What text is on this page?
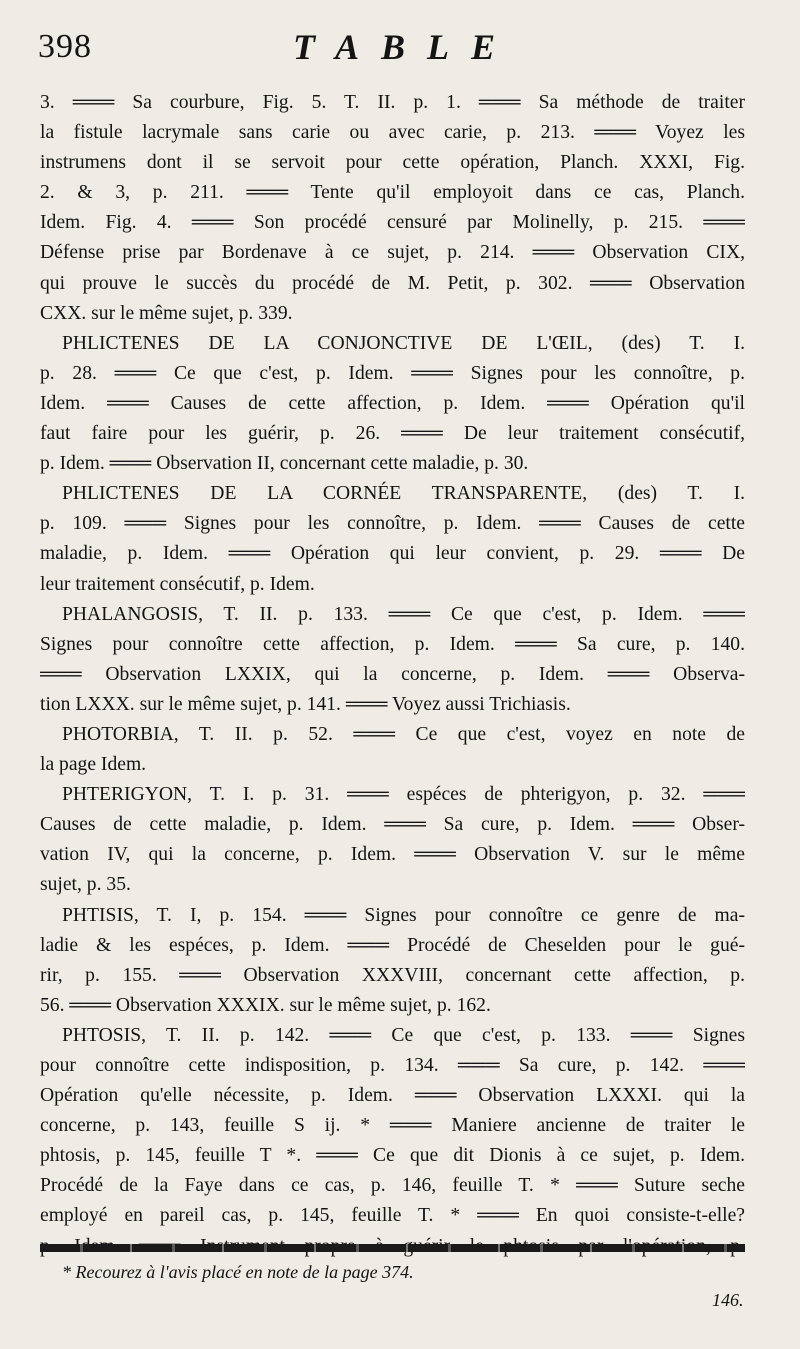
398	TABLE
3. ═══ Sa courbure, Fig. 5. T. II. p. 1. ═══ Sa méthode de traiter
la fistule lacrymale sans carie ou avec carie, p. 213. ═══ Voyez les
instrumens dont il se servoit pour cette opération, Planch. XXXI, Fig.
2. & 3, p. 211. ═══ Tente qu'il employoit dans ce cas, Planch.
Idem. Fig. 4. ═══ Son procédé censuré par Molinelly, p. 215. ═══
Défense prise par Bordenave à ce sujet, p. 214. ═══ Observation CIX,
qui prouve le succès du procédé de M. Petit, p. 302. ═══ Observation
CXX. sur le même sujet, p. 339.
PHLICTENES DE LA CONJONCTIVE DE L'ŒIL, (des) T. I.
p. 28. ═══ Ce que c'est, p. Idem. ═══ Signes pour les connoître, p.
Idem. ═══ Causes de cette affection, p. Idem. ═══ Opération qu'il
faut faire pour les guérir, p. 26. ═══ De leur traitement consécutif,
p. Idem. ═══ Observation II, concernant cette maladie, p. 30.
PHLICTENES DE LA CORNÉE TRANSPARENTE, (des) T. I.
p. 109. ═══ Signes pour les connoître, p. Idem. ═══ Causes de cette
maladie, p. Idem. ═══ Opération qui leur convient, p. 29. ═══ De
leur traitement consécutif, p. Idem.
PHALANGOSIS, T. II. p. 133. ═══ Ce que c'est, p. Idem. ═══
Signes pour connoître cette affection, p. Idem. ═══ Sa cure, p. 140.
═══ Observation LXXIX, qui la concerne, p. Idem. ═══ Observa-
tion LXXX. sur le même sujet, p. 141. ═══ Voyez aussi Trichiasis.
PHOTORBIA, T. II. p. 52. ═══ Ce que c'est, voyez en note de
la page Idem.
PHTERIGYON, T. I. p. 31. ═══ espéces de phterigyon, p. 32. ═══
Causes de cette maladie, p. Idem. ═══ Sa cure, p. Idem. ═══ Obser-
vation IV, qui la concerne, p. Idem. ═══ Observation V. sur le même
sujet, p. 35.
PHTISIS, T. I, p. 154. ═══ Signes pour connoître ce genre de ma-
ladie & les espéces, p. Idem. ═══ Procédé de Cheselden pour le gué-
rir, p. 155. ═══ Observation XXXVIII, concernant cette affection, p.
56. ═══ Observation XXXIX. sur le même sujet, p. 162.
PHTOSIS, T. II. p. 142. ═══ Ce que c'est, p. 133. ═══ Signes
pour connoître cette indisposition, p. 134. ═══ Sa cure, p. 142. ═══
Opération qu'elle nécessite, p. Idem. ═══ Observation LXXXI. qui la
concerne, p. 143, feuille S ij. * ═══ Maniere ancienne de traiter le
phtosis, p. 145, feuille T *. ═══ Ce que dit Dionis à ce sujet, p. Idem.
Procédé de la Faye dans ce cas, p. 146, feuille T. * ═══ Suture seche
employé en pareil cas, p. 145, feuille T. * ═══ En quoi consiste-t-elle?
* Recourez à l'avis placé en note de la page 374.
146.
